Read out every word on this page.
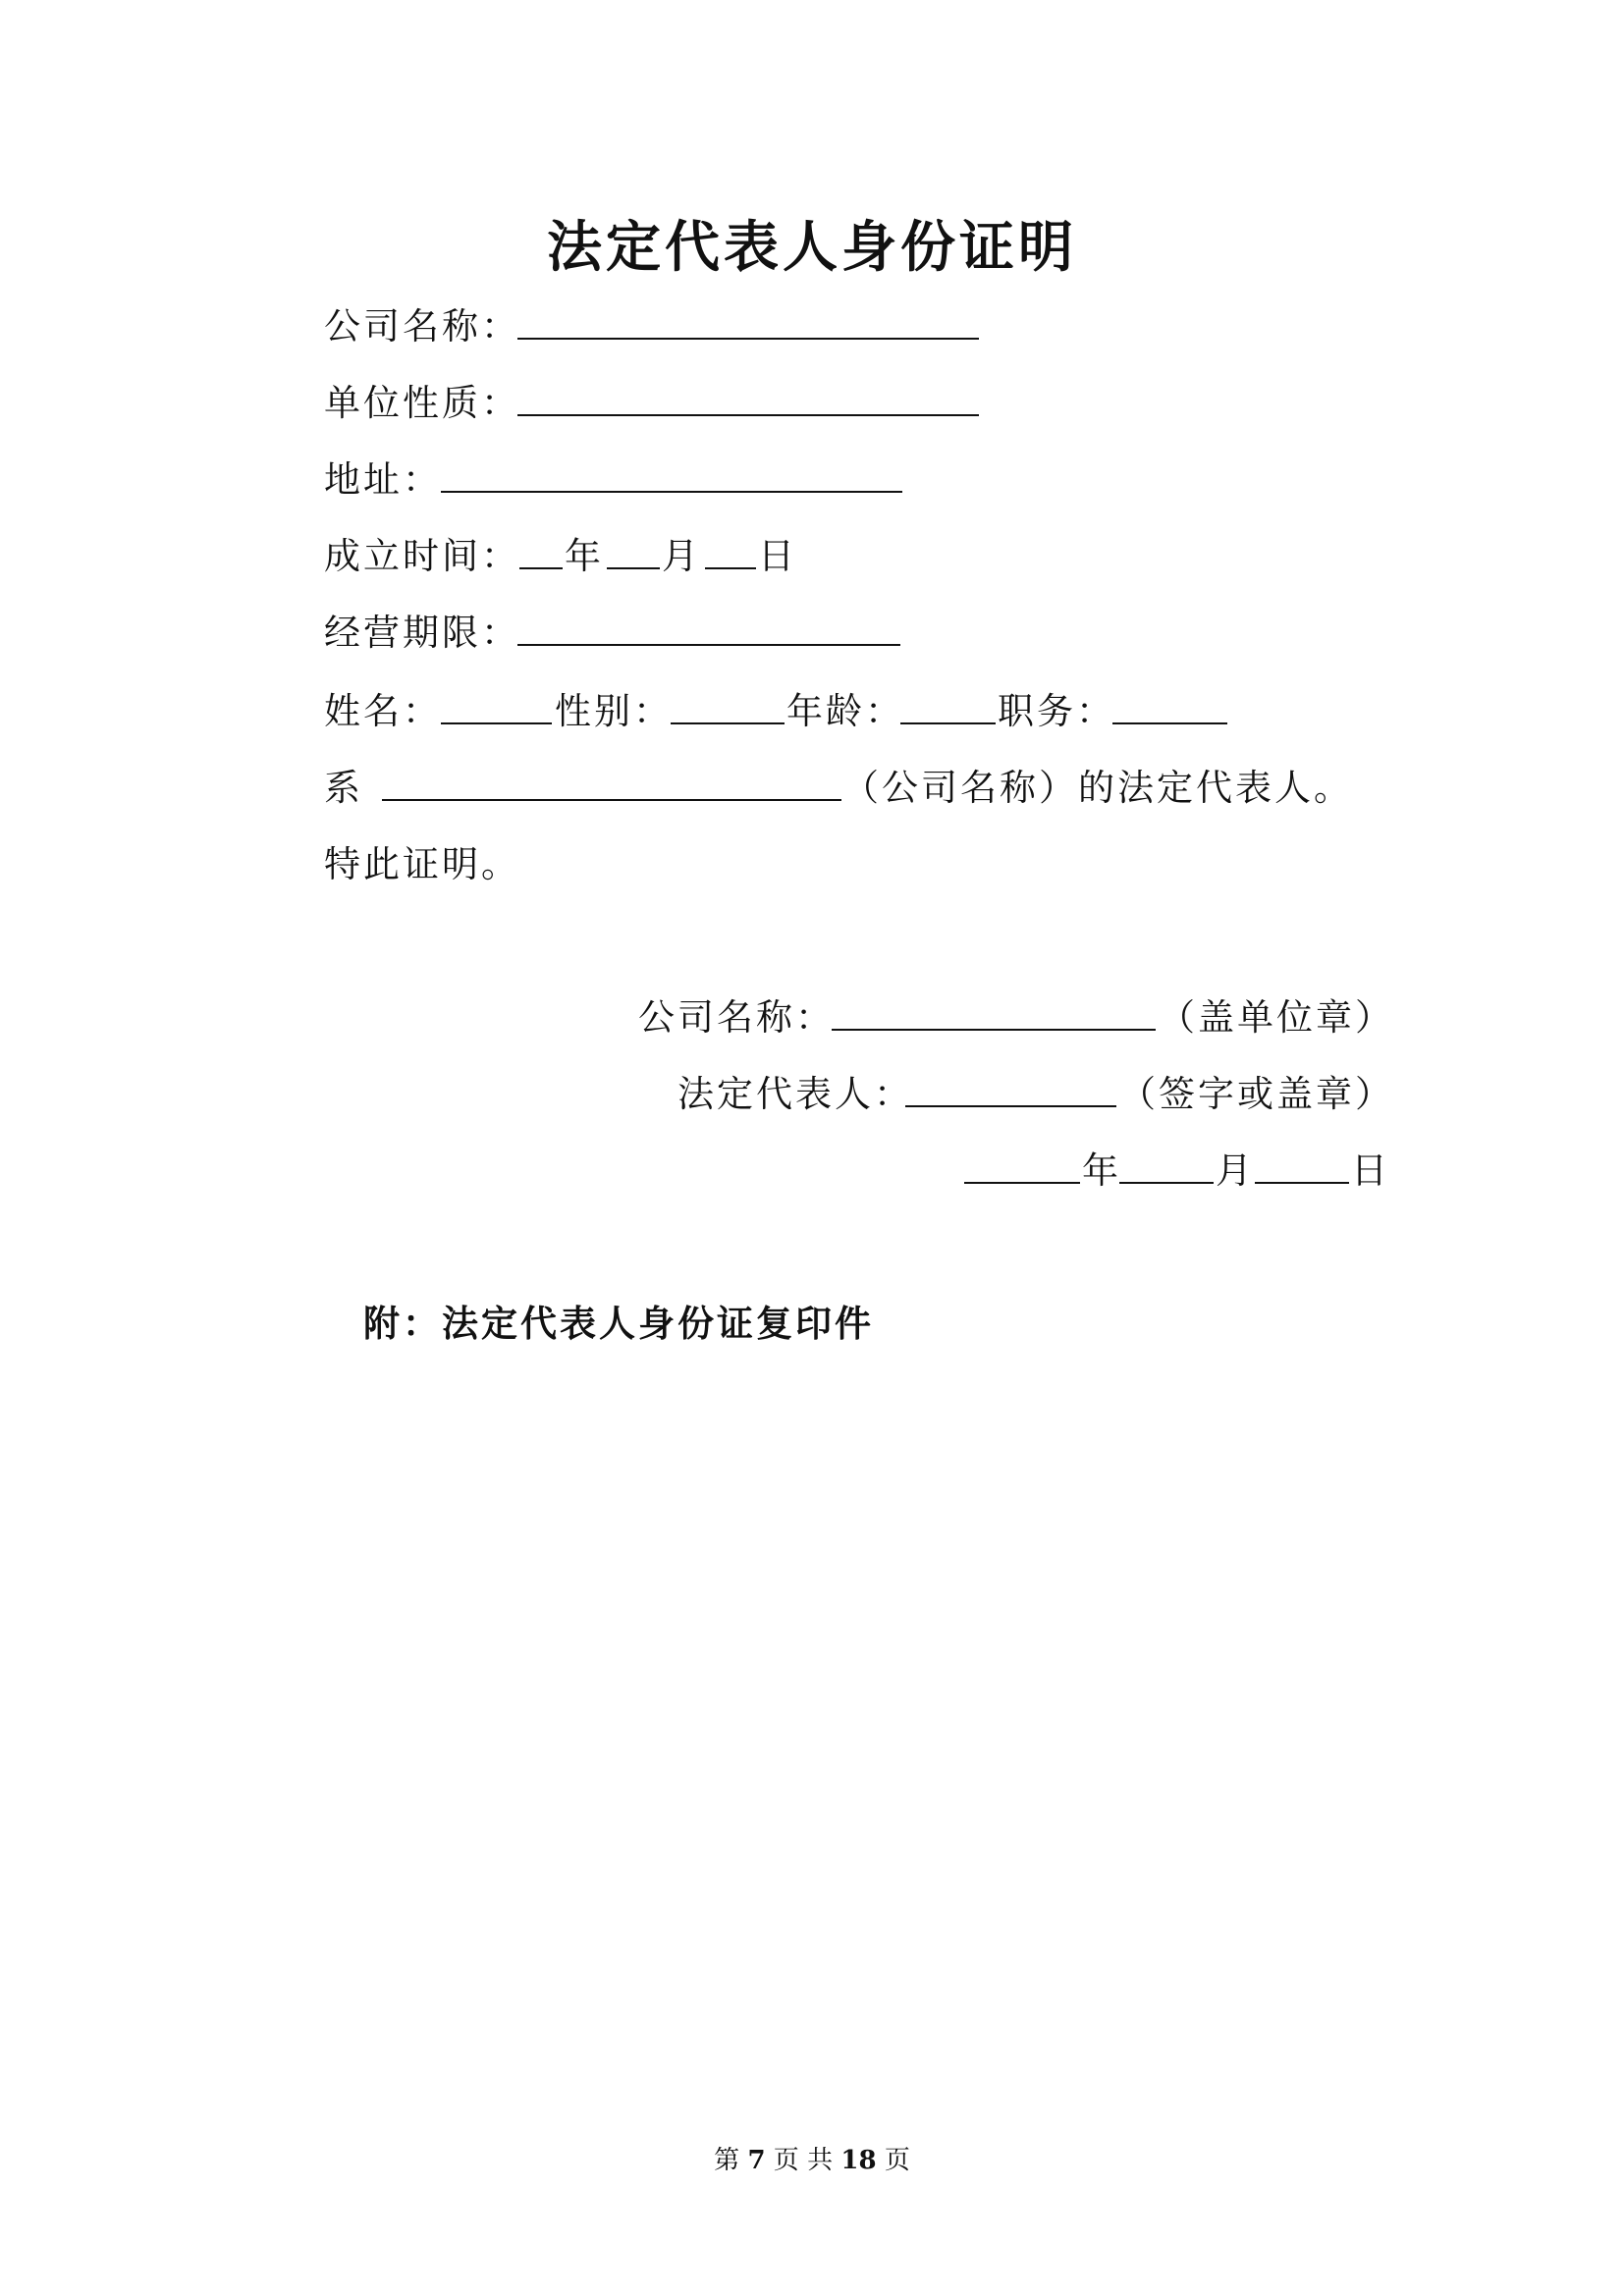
法定代表人身份证明
公司名称：
单位性质：
地址：
成立时间： 年 月 日
经营期限：
姓名：	性别：	年龄：	职务：
系	（公司名称）的法定代表人。
特此证明。
公司名称：	（盖单位章）
法定代表人：	（签字或盖章）
年	月	日
附：法定代表人身份证复印件
第 7 页 共 18 页
